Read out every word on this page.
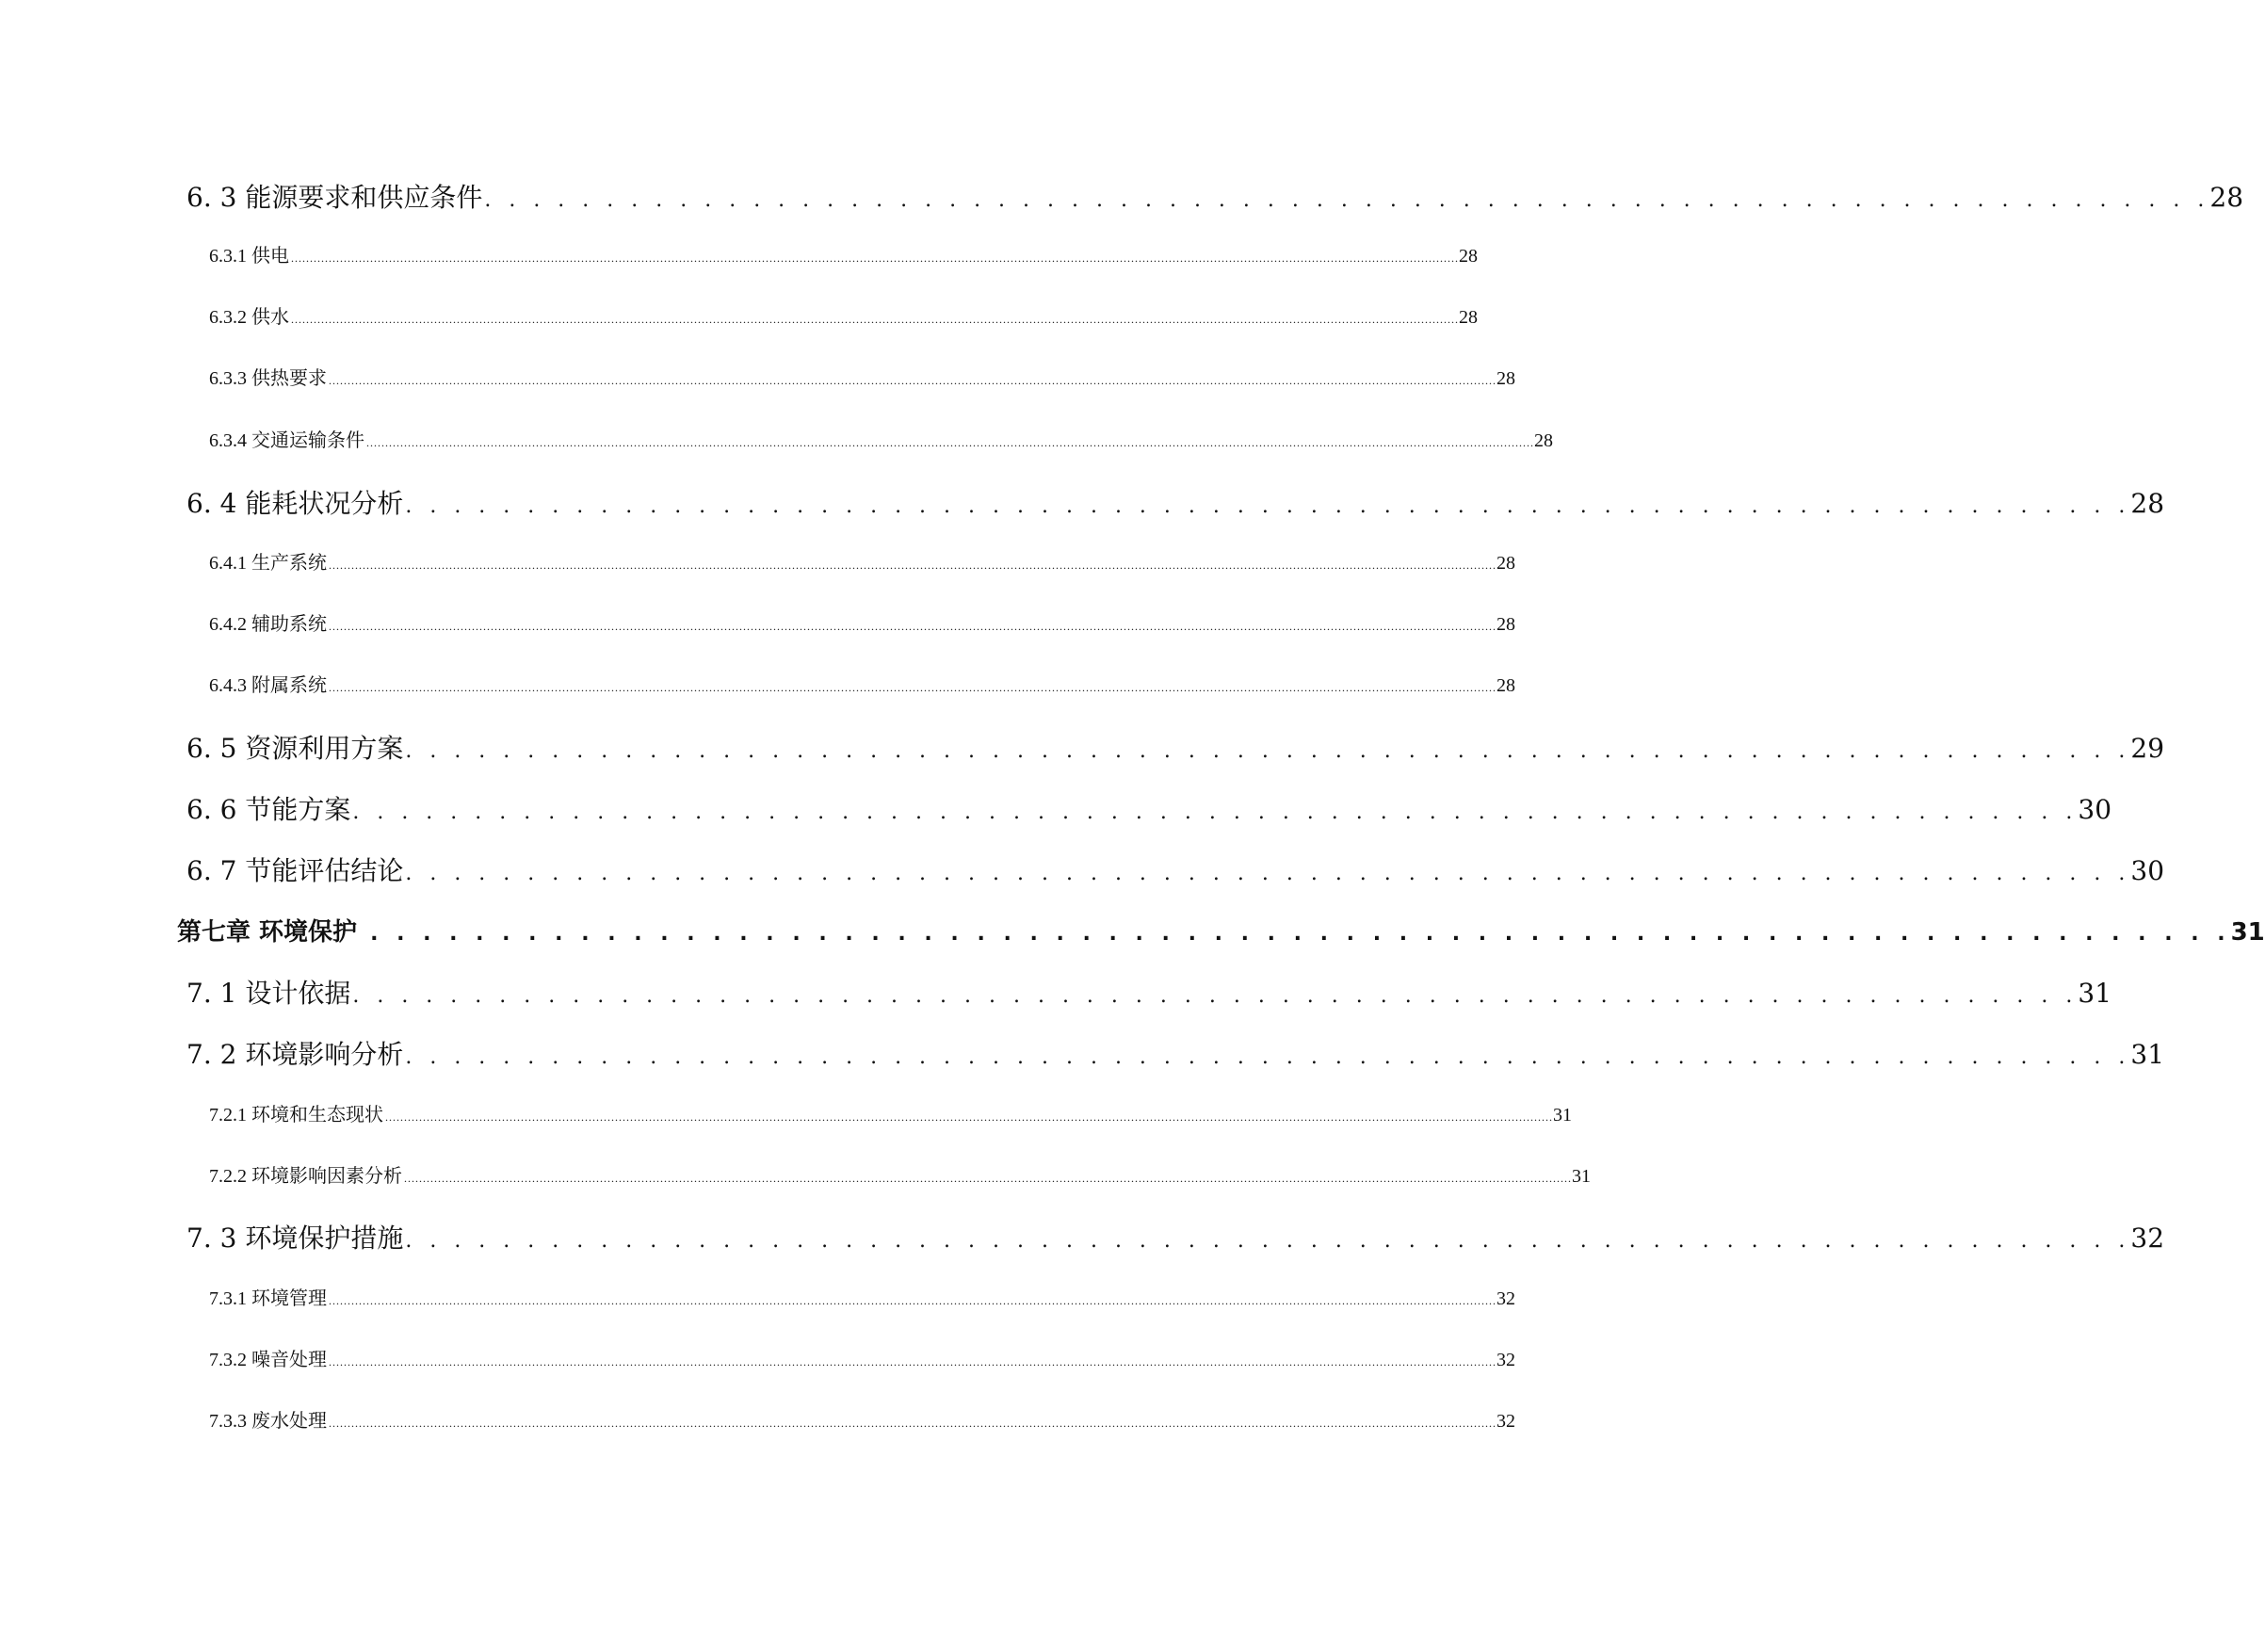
6. 3 能源要求和供应条件 . . . . . . . . . . . . . . . . . . . . . . . . . . . . . . . . . . . . . . . . . . . . . . . . . . . . . . . . . . . . . . . . . . . . . . . 28
6.3.1 供电 ...................................................................................................................................................................................................................................................................................................................... 28
6.3.2 供水 ...................................................................................................................................................................................................................................................................................................................... 28
6.3.3 供热要求 ...................................................................................................................................................................................................................................................................................................................... 28
6.3.4 交通运输条件 ...................................................................................................................................................................................................................................................................................................................... 28
6. 4 能耗状况分析 . . . . . . . . . . . . . . . . . . . . . . . . . . . . . . . . . . . . . . . . . . . . . . . . . . . . . . . . . . . . . . . . . . . . . . . 28
6.4.1 生产系统 ...................................................................................................................................................................................................................................................................................................................... 28
6.4.2 辅助系统 ...................................................................................................................................................................................................................................................................................................................... 28
6.4.3 附属系统 ...................................................................................................................................................................................................................................................................................................................... 28
6. 5 资源利用方案 . . . . . . . . . . . . . . . . . . . . . . . . . . . . . . . . . . . . . . . . . . . . . . . . . . . . . . . . . . . . . . . . . . . . . . . 29
6. 6 节能方案 . . . . . . . . . . . . . . . . . . . . . . . . . . . . . . . . . . . . . . . . . . . . . . . . . . . . . . . . . . . . . . . . . . . . . . . 30
6. 7 节能评估结论 . . . . . . . . . . . . . . . . . . . . . . . . . . . . . . . . . . . . . . . . . . . . . . . . . . . . . . . . . . . . . . . . . . . . . . . 30
第七章 环境保护 . . . . . . . . . . . . . . . . . . . . . . . . . . . . . . . . . . . . . . . . . . . . . . . . . . . . . . . . . . . . . . . . . . . . . . . 31
7. 1 设计依据 . . . . . . . . . . . . . . . . . . . . . . . . . . . . . . . . . . . . . . . . . . . . . . . . . . . . . . . . . . . . . . . . . . . . . . . 31
7. 2 环境影响分析 . . . . . . . . . . . . . . . . . . . . . . . . . . . . . . . . . . . . . . . . . . . . . . . . . . . . . . . . . . . . . . . . . . . . . . . 31
7.2.1 环境和生态现状 ...................................................................................................................................................................................................................................................................................................................... 31
7.2.2 环境影响因素分析 ...................................................................................................................................................................................................................................................................................................................... 31
7. 3 环境保护措施 . . . . . . . . . . . . . . . . . . . . . . . . . . . . . . . . . . . . . . . . . . . . . . . . . . . . . . . . . . . . . . . . . . . . . . . 32
7.3.1 环境管理 ...................................................................................................................................................................................................................................................................................................................... 32
7.3.2 噪音处理 ...................................................................................................................................................................................................................................................................................................................... 32
7.3.3 废水处理 ...................................................................................................................................................................................................................................................................................................................... 32
